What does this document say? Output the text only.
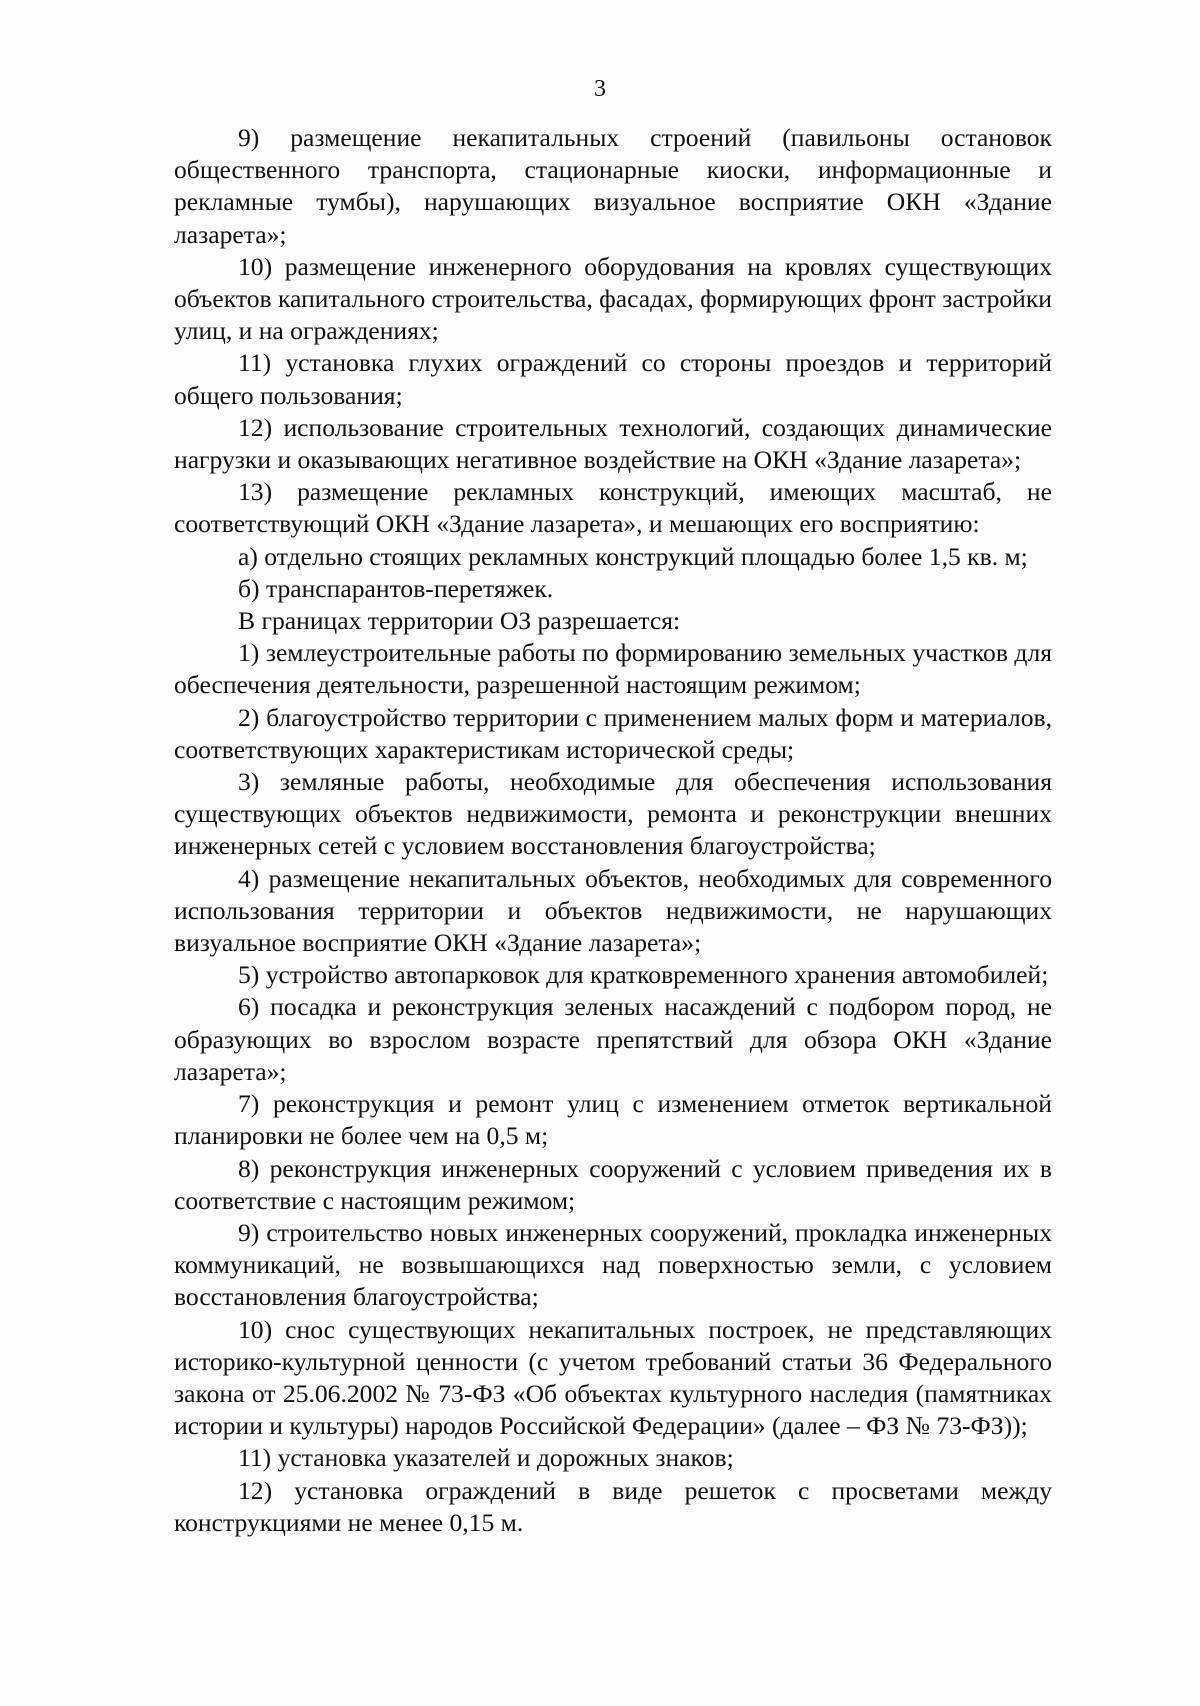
3

9) размещение некапитальных строений (павильоны остановок общественного транспорта, стационарные киоски, информационные и рекламные тумбы), нарушающих визуальное восприятие ОКН «Здание лазарета»;

10) размещение инженерного оборудования на кровлях существующих объектов капитального строительства, фасадах, формирующих фронт застройки улиц, и на ограждениях;

11) установка глухих ограждений со стороны проездов и территорий общего пользования;

12) использование строительных технологий, создающих динамические нагрузки и оказывающих негативное воздействие на ОКН «Здание лазарета»;

13) размещение рекламных конструкций, имеющих масштаб, не соответствующий ОКН «Здание лазарета», и мешающих его восприятию:

а) отдельно стоящих рекламных конструкций площадью более 1,5 кв. м;

б) транспарантов-перетяжек.

В границах территории ОЗ разрешается:

1) землеустроительные работы по формированию земельных участков для обеспечения деятельности, разрешенной настоящим режимом;

2) благоустройство территории с применением малых форм и материалов, соответствующих характеристикам исторической среды;

3) земляные работы, необходимые для обеспечения использования существующих объектов недвижимости, ремонта и реконструкции внешних инженерных сетей с условием восстановления благоустройства;

4) размещение некапитальных объектов, необходимых для современного использования территории и объектов недвижимости, не нарушающих визуальное восприятие ОКН «Здание лазарета»;

5) устройство автопарковок для кратковременного хранения автомобилей;

6) посадка и реконструкция зеленых насаждений с подбором пород, не образующих во взрослом возрасте препятствий для обзора ОКН «Здание лазарета»;

7) реконструкция и ремонт улиц с изменением отметок вертикальной планировки не более чем на 0,5 м;

8) реконструкция инженерных сооружений с условием приведения их в соответствие с настоящим режимом;

9) строительство новых инженерных сооружений, прокладка инженерных коммуникаций, не возвышающихся над поверхностью земли, с условием восстановления благоустройства;

10) снос существующих некапитальных построек, не представляющих историко-культурной ценности (с учетом требований статьи 36 Федерального закона от 25.06.2002 № 73-ФЗ «Об объектах культурного наследия (памятниках истории и культуры) народов Российской Федерации» (далее – ФЗ № 73-ФЗ));

11) установка указателей и дорожных знаков;

12) установка ограждений в виде решеток с просветами между конструкциями не менее 0,15 м.
